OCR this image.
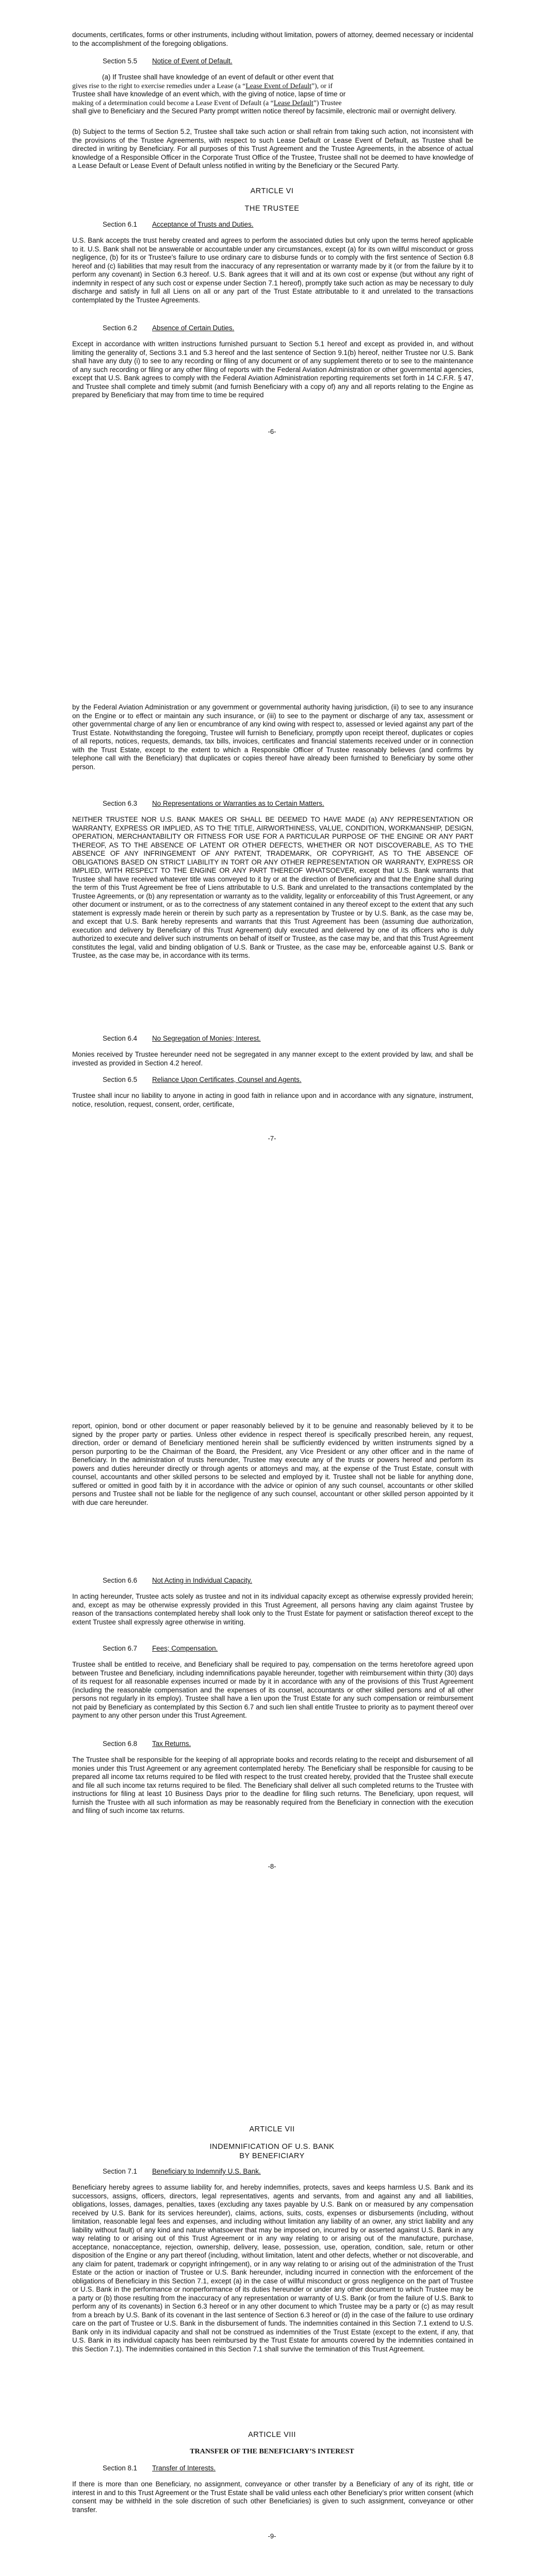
documents, certificates, forms or other instruments, including without limitation, powers of attorney, deemed necessary or incidental to the accomplishment of the foregoing obligations.

Section 5.5 Notice of Event of Default.
(a) If Trustee shall have knowledge of an event of default or other event that
gives rise to the right to exercise remedies under a Lease (a “Lease Event of Default”), or if
Trustee shall have knowledge of an event which, with the giving of notice, lapse of time or
making of a determination could become a Lease Event of Default (a “Lease Default”) Trustee
shall give to Beneficiary and the Secured Party prompt written notice thereof by facsimile, electronic mail or overnight delivery.

(b) Subject to the terms of Section 5.2, Trustee shall take such action or shall refrain from taking such action, not inconsistent with the provisions of the Trustee Agreements, with respect to such Lease Default or Lease Event of Default, as Trustee shall be directed in writing by Beneficiary. For all purposes of this Trust Agreement and the Trustee Agreements, in the absence of actual knowledge of a Responsible Officer in the Corporate Trust Office of the Trustee, Trustee shall not be deemed to have knowledge of a Lease Default or Lease Event of Default unless notified in writing by the Beneficiary or the Secured Party.

ARTICLE VI
THE TRUSTEE
Section 6.1 Acceptance of Trusts and Duties.

U.S. Bank accepts the trust hereby created and agrees to perform the associated duties but only upon the terms hereof applicable to it. U.S. Bank shall not be answerable or accountable under any circumstances, except (a) for its own willful misconduct or gross negligence, (b) for its or Trustee’s failure to use ordinary care to disburse funds or to comply with the first sentence of Section 6.8 hereof and (c) liabilities that may result from the inaccuracy of any representation or warranty made by it (or from the failure by it to perform any covenant) in Section 6.3 hereof. U.S. Bank agrees that it will and at its own cost or expense (but without any right of indemnity in respect of any such cost or expense under Section 7.1 hereof), promptly take such action as may be necessary to duly discharge and satisfy in full all Liens on all or any part of the Trust Estate attributable to it and unrelated to the transactions contemplated by the Trustee Agreements.

Section 6.2 Absence of Certain Duties.

Except in accordance with written instructions furnished pursuant to Section 5.1 hereof and except as provided in, and without limiting the generality of, Sections 3.1 and 5.3 hereof and the last sentence of Section 9.1(b) hereof, neither Trustee nor U.S. Bank shall have any duty (i) to see to any recording or filing of any document or of any supplement thereto or to see to the maintenance of any such recording or filing or any other filing of reports with the Federal Aviation Administration or other governmental agencies, except that U.S. Bank agrees to comply with the Federal Aviation Administration reporting requirements set forth in 14 C.F.R. § 47, and Trustee shall complete and timely submit (and furnish Beneficiary with a copy of) any and all reports relating to the Engine as prepared by Beneficiary that may from time to time be required

-6-

by the Federal Aviation Administration or any government or governmental authority having jurisdiction, (ii) to see to any insurance on the Engine or to effect or maintain any such insurance, or (iii) to see to the payment or discharge of any tax, assessment or other governmental charge of any lien or encumbrance of any kind owing with respect to, assessed or levied against any part of the Trust Estate. Notwithstanding the foregoing, Trustee will furnish to Beneficiary, promptly upon receipt thereof, duplicates or copies of all reports, notices, requests, demands, tax bills, invoices, certificates and financial statements received under or in connection with the Trust Estate, except to the extent to which a Responsible Officer of Trustee reasonably believes (and confirms by telephone call with the Beneficiary) that duplicates or copies thereof have already been furnished to Beneficiary by some other person.

Section 6.3 No Representations or Warranties as to Certain Matters.

NEITHER TRUSTEE NOR U.S. BANK MAKES OR SHALL BE DEEMED TO HAVE MADE (a) ANY REPRESENTATION OR WARRANTY, EXPRESS OR IMPLIED, AS TO THE TITLE, AIRWORTHINESS, VALUE, CONDITION, WORKMANSHIP, DESIGN, OPERATION, MERCHANTABILITY OR FITNESS FOR USE FOR A PARTICULAR PURPOSE OF THE ENGINE OR ANY PART THEREOF, AS TO THE ABSENCE OF LATENT OR OTHER DEFECTS, WHETHER OR NOT DISCOVERABLE, AS TO THE ABSENCE OF ANY INFRINGEMENT OF ANY PATENT, TRADEMARK, OR COPYRIGHT, AS TO THE ABSENCE OF OBLIGATIONS BASED ON STRICT LIABILITY IN TORT OR ANY OTHER REPRESENTATION OR WARRANTY, EXPRESS OR IMPLIED, WITH RESPECT TO THE ENGINE OR ANY PART THEREOF WHATSOEVER, except that U.S. Bank warrants that Trustee shall have received whatever title was conveyed to it by or at the direction of Beneficiary and that the Engine shall during the term of this Trust Agreement be free of Liens attributable to U.S. Bank and unrelated to the transactions contemplated by the Trustee Agreements, or (b) any representation or warranty as to the validity, legality or enforceability of this Trust Agreement, or any other document or instrument, or as to the correctness of any statement contained in any thereof except to the extent that any such statement is expressly made herein or therein by such party as a representation by Trustee or by U.S. Bank, as the case may be, and except that U.S. Bank hereby represents and warrants that this Trust Agreement has been (assuming due authorization, execution and delivery by Beneficiary of this Trust Agreement) duly executed and delivered by one of its officers who is duly authorized to execute and deliver such instruments on behalf of itself or Trustee, as the case may be, and that this Trust Agreement constitutes the legal, valid and binding obligation of U.S. Bank or Trustee, as the case may be, enforceable against U.S. Bank or Trustee, as the case may be, in accordance with its terms.

Section 6.4 No Segregation of Monies; Interest.

Monies received by Trustee hereunder need not be segregated in any manner except to the extent provided by law, and shall be invested as provided in Section 4.2 hereof.

Section 6.5 Reliance Upon Certificates, Counsel and Agents.

Trustee shall incur no liability to anyone in acting in good faith in reliance upon and in accordance with any signature, instrument, notice, resolution, request, consent, order, certificate,

-7-

report, opinion, bond or other document or paper reasonably believed by it to be genuine and reasonably believed by it to be signed by the proper party or parties. Unless other evidence in respect thereof is specifically prescribed herein, any request, direction, order or demand of Beneficiary mentioned herein shall be sufficiently evidenced by written instruments signed by a person purporting to be the Chairman of the Board, the President, any Vice President or any other officer and in the name of Beneficiary. In the administration of trusts hereunder, Trustee may execute any of the trusts or powers hereof and perform its powers and duties hereunder directly or through agents or attorneys and may, at the expense of the Trust Estate, consult with counsel, accountants and other skilled persons to be selected and employed by it. Trustee shall not be liable for anything done, suffered or omitted in good faith by it in accordance with the advice or opinion of any such counsel, accountants or other skilled persons and Trustee shall not be liable for the negligence of any such counsel, accountant or other skilled person appointed by it with due care hereunder.

Section 6.6 Not Acting in Individual Capacity.

In acting hereunder, Trustee acts solely as trustee and not in its individual capacity except as otherwise expressly provided herein; and, except as may be otherwise expressly provided in this Trust Agreement, all persons having any claim against Trustee by reason of the transactions contemplated hereby shall look only to the Trust Estate for payment or satisfaction thereof except to the extent Trustee shall expressly agree otherwise in writing.

Section 6.7 Fees; Compensation.

Trustee shall be entitled to receive, and Beneficiary shall be required to pay, compensation on the terms heretofore agreed upon between Trustee and Beneficiary, including indemnifications payable hereunder, together with reimbursement within thirty (30) days of its request for all reasonable expenses incurred or made by it in accordance with any of the provisions of this Trust Agreement (including the reasonable compensation and the expenses of its counsel, accountants or other skilled persons and of all other persons not regularly in its employ). Trustee shall have a lien upon the Trust Estate for any such compensation or reimbursement not paid by Beneficiary as contemplated by this Section 6.7 and such lien shall entitle Trustee to priority as to payment thereof over payment to any other person under this Trust Agreement.

Section 6.8 Tax Returns.

The Trustee shall be responsible for the keeping of all appropriate books and records relating to the receipt and disbursement of all monies under this Trust Agreement or any agreement contemplated hereby. The Beneficiary shall be responsible for causing to be prepared all income tax returns required to be filed with respect to the trust created hereby, provided that the Trustee shall execute and file all such income tax returns required to be filed. The Beneficiary shall deliver all such completed returns to the Trustee with instructions for filing at least 10 Business Days prior to the deadline for filing such returns. The Beneficiary, upon request, will furnish the Trustee with all such information as may be reasonably required from the Beneficiary in connection with the execution and filing of such income tax returns.

-8-
ARTICLE VII
INDEMNIFICATION OF U.S. BANK
BY BENEFICIARY
Section 7.1 Beneficiary to Indemnify U.S. Bank.

Beneficiary hereby agrees to assume liability for, and hereby indemnifies, protects, saves and keeps harmless U.S. Bank and its successors, assigns, officers, directors, legal representatives, agents and servants, from and against any and all liabilities, obligations, losses, damages, penalties, taxes (excluding any taxes payable by U.S. Bank on or measured by any compensation received by U.S. Bank for its services hereunder), claims, actions, suits, costs, expenses or disbursements (including, without limitation, reasonable legal fees and expenses, and including without limitation any liability of an owner, any strict liability and any liability without fault) of any kind and nature whatsoever that may be imposed on, incurred by or asserted against U.S. Bank in any way relating to or arising out of this Trust Agreement or in any way relating to or arising out of the manufacture, purchase, acceptance, nonacceptance, rejection, ownership, delivery, lease, possession, use, operation, condition, sale, return or other disposition of the Engine or any part thereof (including, without limitation, latent and other defects, whether or not discoverable, and any claim for patent, trademark or copyright infringement), or in any way relating to or arising out of the administration of the Trust Estate or the action or inaction of Trustee or U.S. Bank hereunder, including incurred in connection with the enforcement of the obligations of Beneficiary in this Section 7.1, except (a) in the case of willful misconduct or gross negligence on the part of Trustee or U.S. Bank in the performance or nonperformance of its duties hereunder or under any other document to which Trustee may be a party or (b) those resulting from the inaccuracy of any representation or warranty of U.S. Bank (or from the failure of U.S. Bank to perform any of its covenants) in Section 6.3 hereof or in any other document to which Trustee may be a party or (c) as may result from a breach by U.S. Bank of its covenant in the last sentence of Section 6.3 hereof or (d) in the case of the failure to use ordinary care on the part of Trustee or U.S. Bank in the disbursement of funds. The indemnities contained in this Section 7.1 extend to U.S. Bank only in its individual capacity and shall not be construed as indemnities of the Trust Estate (except to the extent, if any, that U.S. Bank in its individual capacity has been reimbursed by the Trust Estate for amounts covered by the indemnities contained in this Section 7.1). The indemnities contained in this Section 7.1 shall survive the termination of this Trust Agreement.

ARTICLE VIII
TRANSFER OF THE BENEFICIARY’S INTEREST
Section 8.1 Transfer of Interests.

If there is more than one Beneficiary, no assignment, conveyance or other transfer by a Beneficiary of any of its right, title or interest in and to this Trust Agreement or the Trust Estate shall be valid unless each other Beneficiary’s prior written consent (which consent may be withheld in the sole discretion of such other Beneficiaries) is given to such assignment, conveyance or other transfer.

-9-
